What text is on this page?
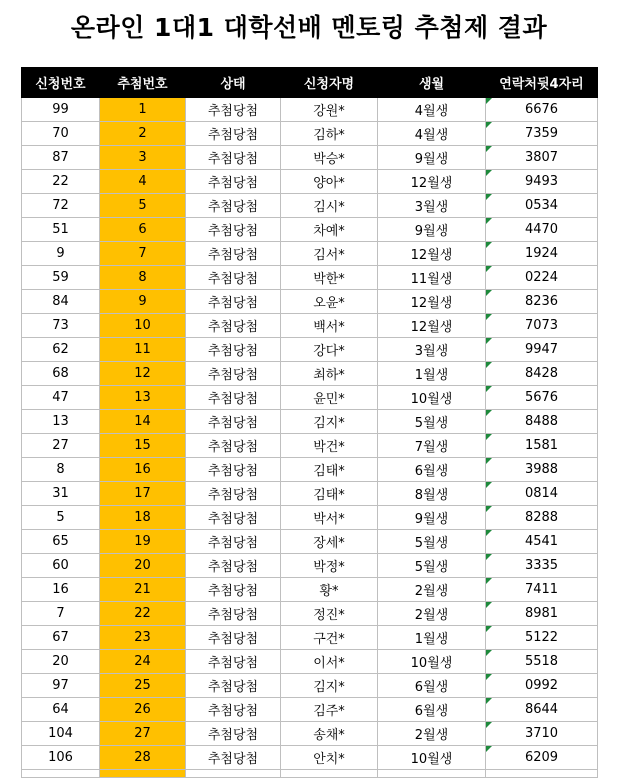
온라인 1대1 대학선배 멘토링 추첨제 결과
신청번호	추첨번호	상태	신청자명	생월	연락처뒷4자리
99	1	추첨당첨	강원*	4월생	6676
70	2	추첨당첨	김하*	4월생	7359
87	3	추첨당첨	박승*	9월생	3807
22	4	추첨당첨	양아*	12월생	9493
72	5	추첨당첨	김시*	3월생	0534
51	6	추첨당첨	차예*	9월생	4470
9	7	추첨당첨	김서*	12월생	1924
59	8	추첨당첨	박한*	11월생	0224
84	9	추첨당첨	오윤*	12월생	8236
73	10	추첨당첨	백서*	12월생	7073
62	11	추첨당첨	강다*	3월생	9947
68	12	추첨당첨	최하*	1월생	8428
47	13	추첨당첨	윤민*	10월생	5676
13	14	추첨당첨	김지*	5월생	8488
27	15	추첨당첨	박건*	7월생	1581
8	16	추첨당첨	김태*	6월생	3988
31	17	추첨당첨	김태*	8월생	0814
5	18	추첨당첨	박서*	9월생	8288
65	19	추첨당첨	장세*	5월생	4541
60	20	추첨당첨	박정*	5월생	3335
16	21	추첨당첨	황*	2월생	7411
7	22	추첨당첨	정진*	2월생	8981
67	23	추첨당첨	구건*	1월생	5122
20	24	추첨당첨	이서*	10월생	5518
97	25	추첨당첨	김지*	6월생	0992
64	26	추첨당첨	김주*	6월생	8644
104	27	추첨당첨	송채*	2월생	3710
106	28	추첨당첨	안치*	10월생	6209
